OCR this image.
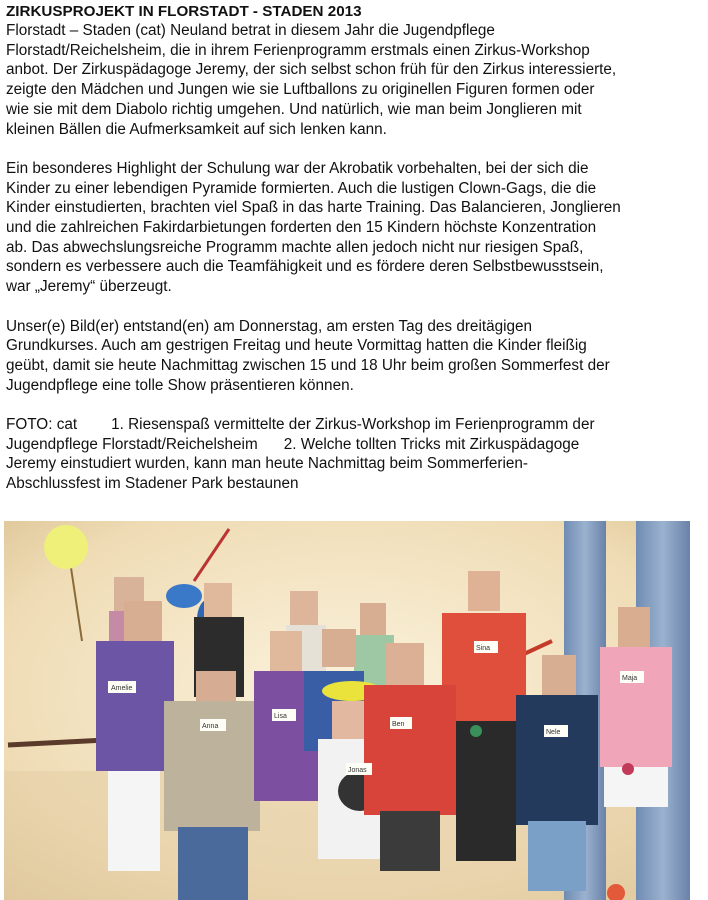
ZIRKUSPROJEKT IN FLORSTADT - STADEN 2013

Florstadt – Staden (cat) Neuland betrat in diesem Jahr die Jugendpflege
Florstadt/Reichelsheim, die in ihrem Ferienprogramm erstmals einen Zirkus-Workshop
anbot. Der Zirkuspädagoge Jeremy, der sich selbst schon früh für den Zirkus interessierte,
zeigte den Mädchen und Jungen wie sie Luftballons zu originellen Figuren formen oder
wie sie mit dem Diabolo richtig umgehen. Und natürlich, wie man beim Jonglieren mit
kleinen Bällen die Aufmerksamkeit auf sich lenken kann.

Ein besonderes Highlight der Schulung war der Akrobatik vorbehalten, bei der sich die
Kinder zu einer lebendigen Pyramide formierten. Auch die lustigen Clown-Gags, die die
Kinder einstudierten, brachten viel Spaß in das harte Training. Das Balancieren, Jonglieren
und die zahlreichen Fakirdarbietungen forderten den 15 Kindern höchste Konzentration
ab. Das abwechslungsreiche Programm machte allen jedoch nicht nur riesigen Spaß,
sondern es verbessere auch die Teamfähigkeit und es fördere deren Selbstbewusstsein,
war „Jeremy“ überzeugt.

Unser(e) Bild(er) entstand(en) am Donnerstag, am ersten Tag des dreitägigen
Grundkurses. Auch am gestrigen Freitag und heute Vormittag hatten die Kinder fleißig
geübt, damit sie heute Nachmittag zwischen 15 und 18 Uhr beim großen Sommerfest der
Jugendpflege eine tolle Show präsentieren können.

FOTO: cat 1. Riesenspaß vermittelte der Zirkus-Workshop im Ferienprogramm der
Jugendpflege Florstadt/Reichelsheim 2. Welche tollten Tricks mit Zirkuspädagoge
Jeremy einstudiert wurden, kann man heute Nachmittag beim Sommerferien-
Abschlussfest im Stadener Park bestaunen

Amelie
Anna
Lisa
Jonas
Ben
Sina
Nele
Maja
